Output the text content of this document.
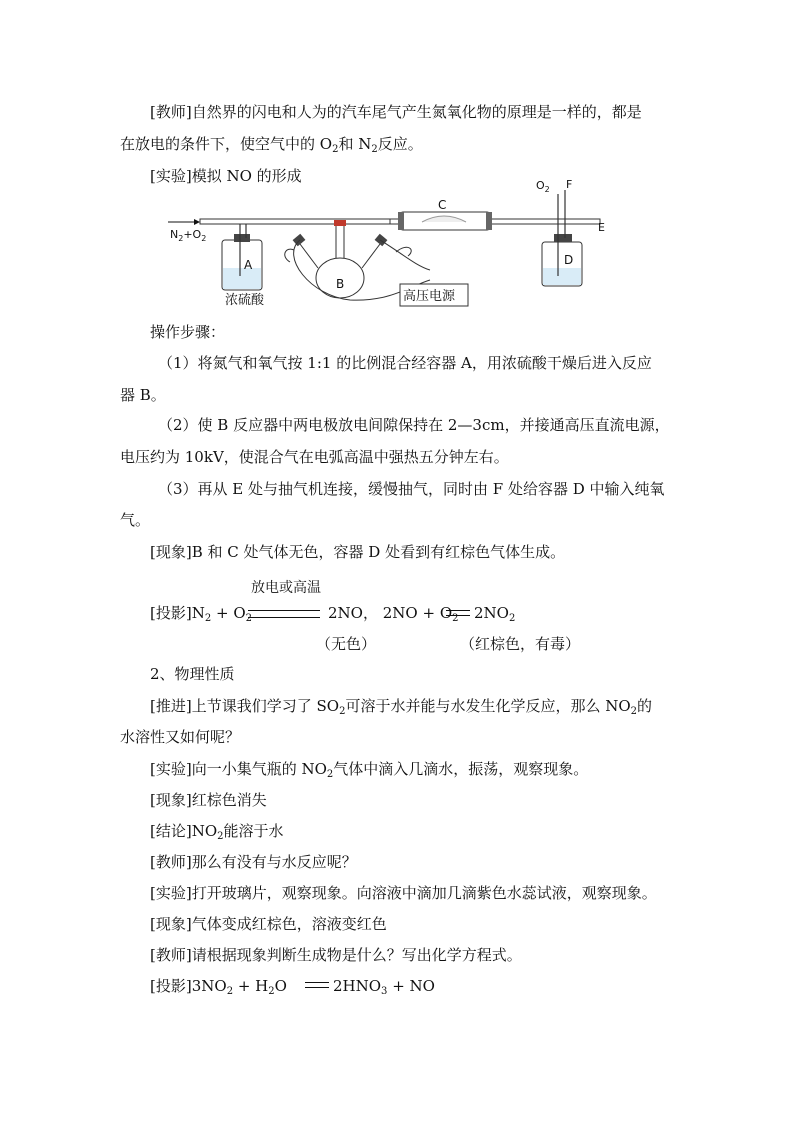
[教师]自然界的闪电和人为的汽车尾气产生氮氧化物的原理是一样的，都是
在放电的条件下，使空气中的 $O_2$和 $N_2$反应。
[实验]模拟 NO 的形成
$N_2+O_2$
A
浓硫酸
B
高压电源
C
D
$O_2$ F
E
操作步骤：
（1）将氮气和氧气按 1:1 的比例混合经容器 A，用浓硫酸干燥后进入反应
器 B。
（2）使 B 反应器中两电极放电间隙保持在 2—3cm，并接通高压直流电源，
电压约为 10kV，使混合气在电弧高温中强热五分钟左右。
（3）再从 E 处与抽气机连接，缓慢抽气，同时由 F 处给容器 D 中输入纯氧
气。
[现象]B 和 C 处气体无色，容器 D 处看到有红棕色气体生成。
放电或高温
[投影]$N_2 + O_2$	2NO， $2NO + O_2$ $2NO_2$
（无色）	（红棕色，有毒）
2、物理性质
[推进]上节课我们学习了 $SO_2$可溶于水并能与水发生化学反应，那么 $NO_2$的
水溶性又如何呢？
[实验]向一小集气瓶的 $NO_2$气体中滴入几滴水，振荡，观察现象。
[现象]红棕色消失
[结论]$NO_2$能溶于水
[教师]那么有没有与水反应呢？
[实验]打开玻璃片，观察现象。向溶液中滴加几滴紫色水蕊试液，观察现象。
[现象]气体变成红棕色，溶液变红色
[教师]请根据现象判断生成物是什么？写出化学方程式。
[投影]$3NO_2 + H_2O$	$2HNO_3$ + NO
